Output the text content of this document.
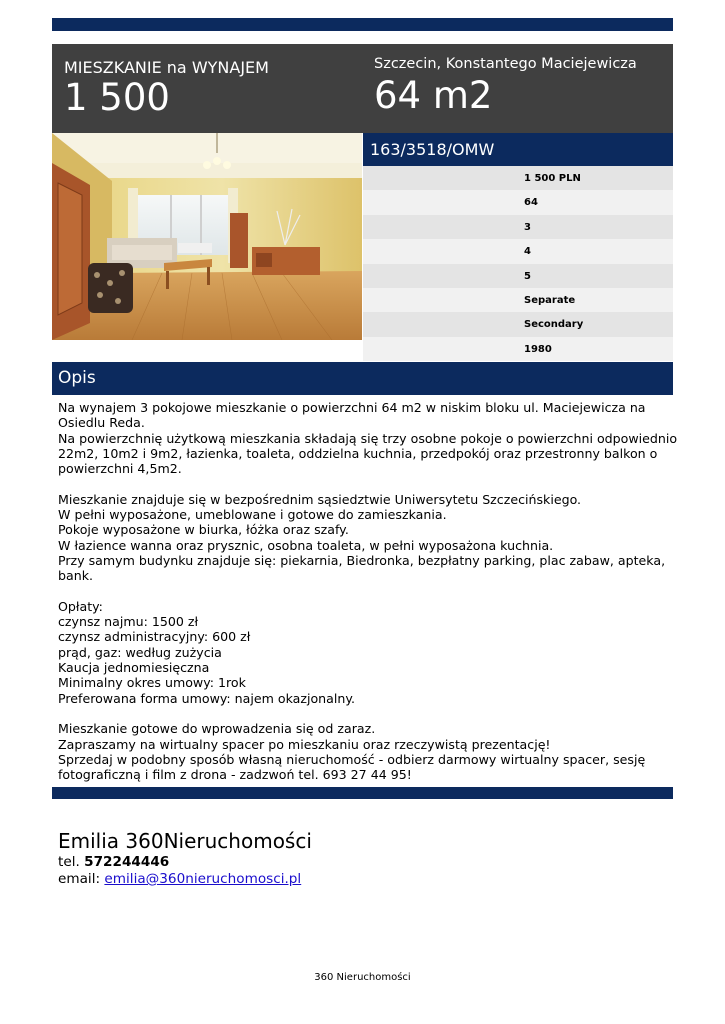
MIESZKANIE na WYNAJEM
1 500
Szczecin, Konstantego Maciejewicza
64 m2
163/3518/OMW
1 500 PLN
64
3
4
5
Separate
Secondary
1980
Opis

Na wynajem 3 pokojowe mieszkanie o powierzchni 64 m2 w niskim bloku ul. Maciejewicza na

Osiedlu Reda.

Na powierzchnię użytkową mieszkania składają się trzy osobne pokoje o powierzchni odpowiednio

22m2, 10m2 i 9m2, łazienka, toaleta, oddzielna kuchnia, przedpokój oraz przestronny balkon o

powierzchni 4,5m2.

Mieszkanie znajduje się w bezpośrednim sąsiedztwie Uniwersytetu Szczecińskiego.

W pełni wyposażone, umeblowane i gotowe do zamieszkania.

Pokoje wyposażone w biurka, łóżka oraz szafy.

W łazience wanna oraz prysznic, osobna toaleta, w pełni wyposażona kuchnia.

Przy samym budynku znajduje się: piekarnia, Biedronka, bezpłatny parking, plac zabaw, apteka,

bank.

Opłaty:

czynsz najmu: 1500 zł

czynsz administracyjny: 600 zł

prąd, gaz: według zużycia

Kaucja jednomiesięczna

Minimalny okres umowy: 1rok

Preferowana forma umowy: najem okazjonalny.

Mieszkanie gotowe do wprowadzenia się od zaraz.

Zapraszamy na wirtualny spacer po mieszkaniu oraz rzeczywistą prezentację!

Sprzedaj w podobny sposób własną nieruchomość - odbierz darmowy wirtualny spacer, sesję

fotograficzną i film z drona - zadzwoń tel. 693 27 44 95!

Emilia 360Nieruchomości
tel. 572244446
email: emilia@360nieruchomosci.pl
360 Nieruchomości
